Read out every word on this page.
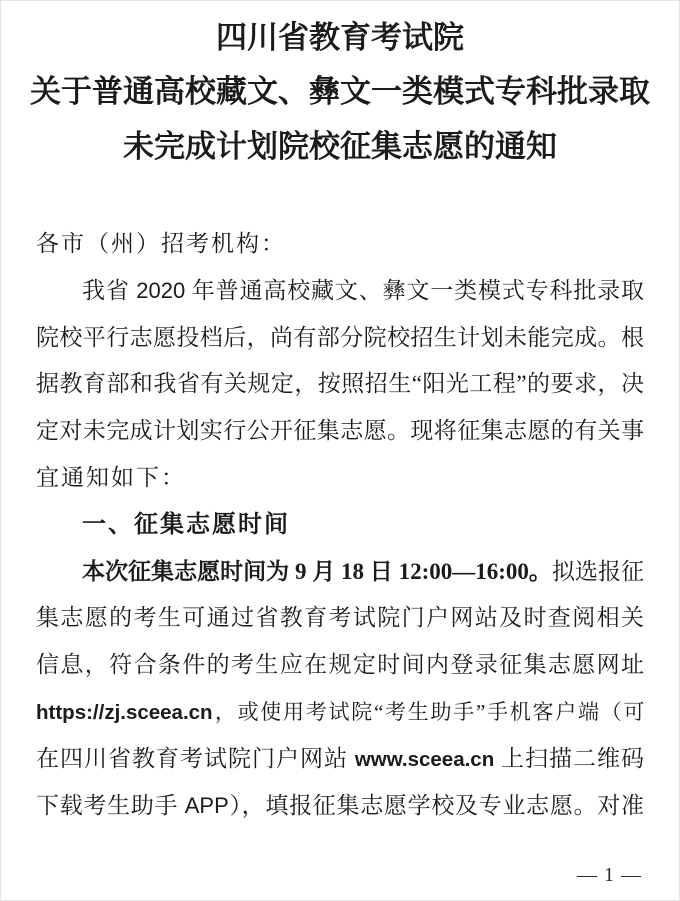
四川省教育考试院
关于普通高校藏文、彝文一类模式专科批录取
未完成计划院校征集志愿的通知
各市（州）招考机构：
我省 2020 年普通高校藏文、彝文一类模式专科批录取
院校平行志愿投档后，尚有部分院校招生计划未能完成。根
据教育部和我省有关规定，按照招生“阳光工程”的要求，决
定对未完成计划实行公开征集志愿。现将征集志愿的有关事
宜通知如下：
一、征集志愿时间
本次征集志愿时间为 9 月 18 日 12:00—16:00。拟选报征
集志愿的考生可通过省教育考试院门户网站及时查阅相关
信息，符合条件的考生应在规定时间内登录征集志愿网址
https://zj.sceea.cn，或使用考试院“考生助手”手机客户端（可
在四川省教育考试院门户网站 www.sceea.cn 上扫描二维码
下载考生助手 APP），填报征集志愿学校及专业志愿。对准
— 1 —
